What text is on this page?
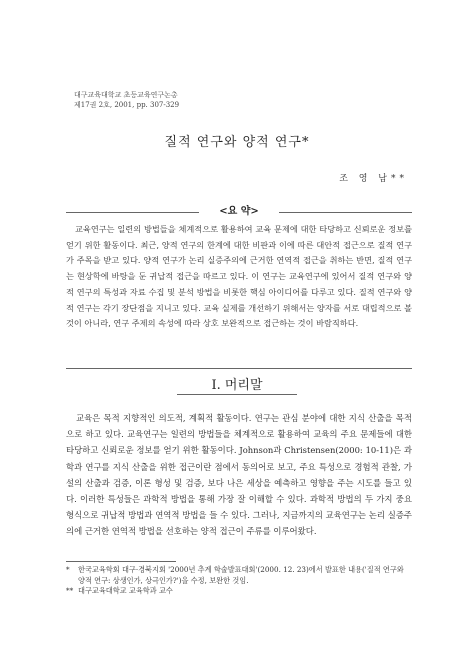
대구교육대학교 초등교육연구논총
제17권 2호, 2001, pp. 307-329
질적 연구와 양적 연구*
조 영 남**
<요 약>

교육연구는 일련의 방법들을 체계적으로 활용하여 교육 문제에 대한 타당하고 신뢰로운 정보를 얻기 위한 활동이다. 최근, 양적 연구의 한계에 대한 비판과 이에 따른 대안적 접근으로 질적 연구가 주목을 받고 있다. 양적 연구가 논리 실증주의에 근거한 연역적 접근을 취하는 반면, 질적 연구는 현상학에 바탕을 둔 귀납적 접근을 따르고 있다. 이 연구는 교육연구에 있어서 질적 연구와 양적 연구의 특성과 자료 수집 및 분석 방법을 비롯한 핵심 아이디어를 다루고 있다. 질적 연구와 양적 연구는 각기 장단점을 지니고 있다. 교육 실제를 개선하기 위해서는 양자를 서로 대립적으로 볼 것이 아니라, 연구 주제의 속성에 따라 상호 보완적으로 접근하는 것이 바람직하다.

Ⅰ. 머리말

교육은 목적 지향적인 의도적, 계획적 활동이다. 연구는 관심 분야에 대한 지식 산출을 목적으로 하고 있다. 교육연구는 일련의 방법들을 체계적으로 활용하여 교육의 주요 문제들에 대한 타당하고 신뢰로운 정보를 얻기 위한 활동이다. Johnson과 Christensen(2000: 10-11)은 과학과 연구를 지식 산출을 위한 접근이란 점에서 동의어로 보고, 주요 특성으로 경험적 관찰, 가설의 산출과 검증, 이론 형성 및 검증, 보다 나은 세상을 예측하고 영향을 주는 시도를 들고 있다. 이러한 특성들은 과학적 방법을 통해 가장 잘 이해할 수 있다. 과학적 방법의 두 가지 중요 형식으로 귀납적 방법과 연역적 방법을 들 수 있다. 그러나, 지금까지의 교육연구는 논리 실증주의에 근거한 연역적 방법을 선호하는 양적 접근이 주류를 이루어왔다.

* 한국교육학회 대구·경북지회 '2000년 추계 학술발표대회'(2000. 12. 23)에서 발표한 내용('질적 연구와 양적 연구: 상생인가, 상극인가?')을 수정, 보완한 것임.
** 대구교육대학교 교육학과 교수
